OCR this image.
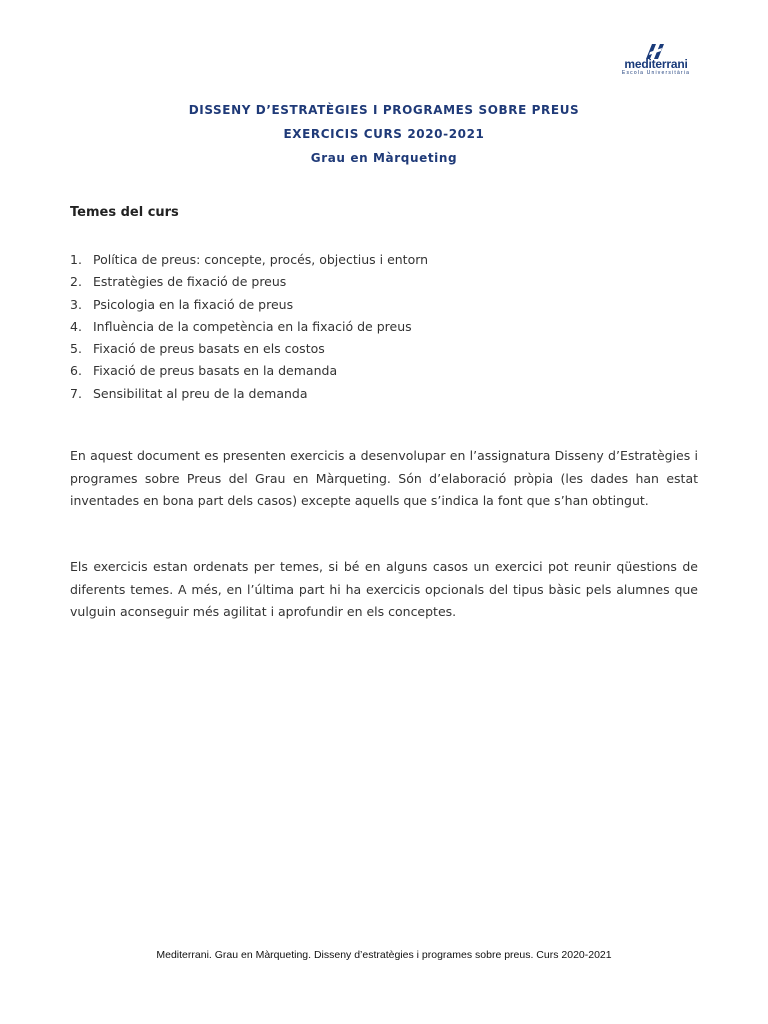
mediterrani
Escola Universitària
DISSENY D’ESTRATÈGIES I PROGRAMES SOBRE PREUS
EXERCICIS CURS 2020-2021
Grau en Màrqueting
Temes del curs
1. Política de preus: concepte, procés, objectius i entorn
2. Estratègies de fixació de preus
3. Psicologia en la fixació de preus
4. Influència de la competència en la fixació de preus
5. Fixació de preus basats en els costos
6. Fixació de preus basats en la demanda
7. Sensibilitat al preu de la demanda

En aquest document es presenten exercicis a desenvolupar en l’assignatura Disseny d’Estratègies i programes sobre Preus del Grau en Màrqueting. Són d’elaboració pròpia (les dades han estat inventades en bona part dels casos) excepte aquells que s’indica la font que s’han obtingut.

Els exercicis estan ordenats per temes, si bé en alguns casos un exercici pot reunir qüestions de diferents temes. A més, en l’última part hi ha exercicis opcionals del tipus bàsic pels alumnes que vulguin aconseguir més agilitat i aprofundir en els conceptes.

Mediterrani. Grau en Màrqueting. Disseny d’estratègies i programes sobre preus. Curs 2020-2021
